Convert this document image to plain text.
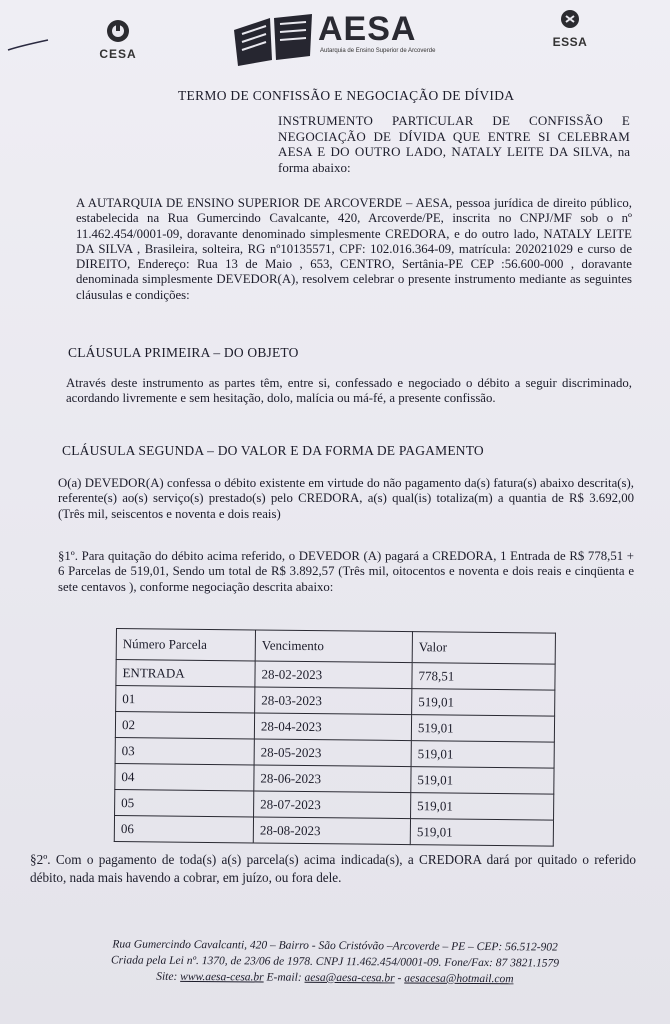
CESA
AESA
Autarquia de Ensino Superior de Arcoverde
ESSA
TERMO DE CONFISSÃO E NEGOCIAÇÃO DE DÍVIDA
INSTRUMENTO PARTICULAR DE CONFISSÃO E NEGOCIAÇÃO DE DÍVIDA QUE ENTRE SI CELEBRAM AESA E DO OUTRO LADO, NATALY LEITE DA SILVA, na forma abaixo:
A AUTARQUIA DE ENSINO SUPERIOR DE ARCOVERDE – AESA, pessoa jurídica de direito público, estabelecida na Rua Gumercindo Cavalcante, 420, Arcoverde/PE, inscrita no CNPJ/MF sob o nº 11.462.454/0001-09, doravante denominado simplesmente CREDORA, e do outro lado, NATALY LEITE DA SILVA , Brasileira, solteira, RG nº10135571, CPF: 102.016.364-09, matrícula: 202021029 e curso de DIREITO, Endereço: Rua 13 de Maio , 653, CENTRO, Sertânia-PE CEP :56.600-000 , doravante denominada simplesmente DEVEDOR(A), resolvem celebrar o presente instrumento mediante as seguintes cláusulas e condições:
CLÁUSULA PRIMEIRA – DO OBJETO
Através deste instrumento as partes têm, entre si, confessado e negociado o débito a seguir discriminado, acordando livremente e sem hesitação, dolo, malícia ou má-fé, a presente confissão.
CLÁUSULA SEGUNDA – DO VALOR E DA FORMA DE PAGAMENTO
O(a) DEVEDOR(A) confessa o débito existente em virtude do não pagamento da(s) fatura(s) abaixo descrita(s), referente(s) ao(s) serviço(s) prestado(s) pelo CREDORA, a(s) qual(is) totaliza(m) a quantia de R$ 3.692,00 (Três mil, seiscentos e noventa e dois reais)
§1º. Para quitação do débito acima referido, o DEVEDOR (A) pagará a CREDORA, 1 Entrada de R$ 778,51 + 6 Parcelas de 519,01, Sendo um total de R$ 3.892,57 (Três mil, oitocentos e noventa e dois reais e cinqüenta e sete centavos ), conforme negociação descrita abaixo:
Número Parcela	Vencimento	Valor
ENTRADA	28-02-2023	778,51
01	28-03-2023	519,01
02	28-04-2023	519,01
03	28-05-2023	519,01
04	28-06-2023	519,01
05	28-07-2023	519,01
06	28-08-2023	519,01
§2º. Com o pagamento de toda(s) a(s) parcela(s) acima indicada(s), a CREDORA dará por quitado o referido débito, nada mais havendo a cobrar, em juízo, ou fora dele.
Rua Gumercindo Cavalcanti, 420 – Bairro - São Cristóvão –Arcoverde – PE – CEP: 56.512-902
Criada pela Lei nº. 1370, de 23/06 de 1978. CNPJ 11.462.454/0001-09. Fone/Fax: 87 3821.1579
Site: www.aesa-cesa.br E-mail: aesa@aesa-cesa.br - aesacesa@hotmail.com
